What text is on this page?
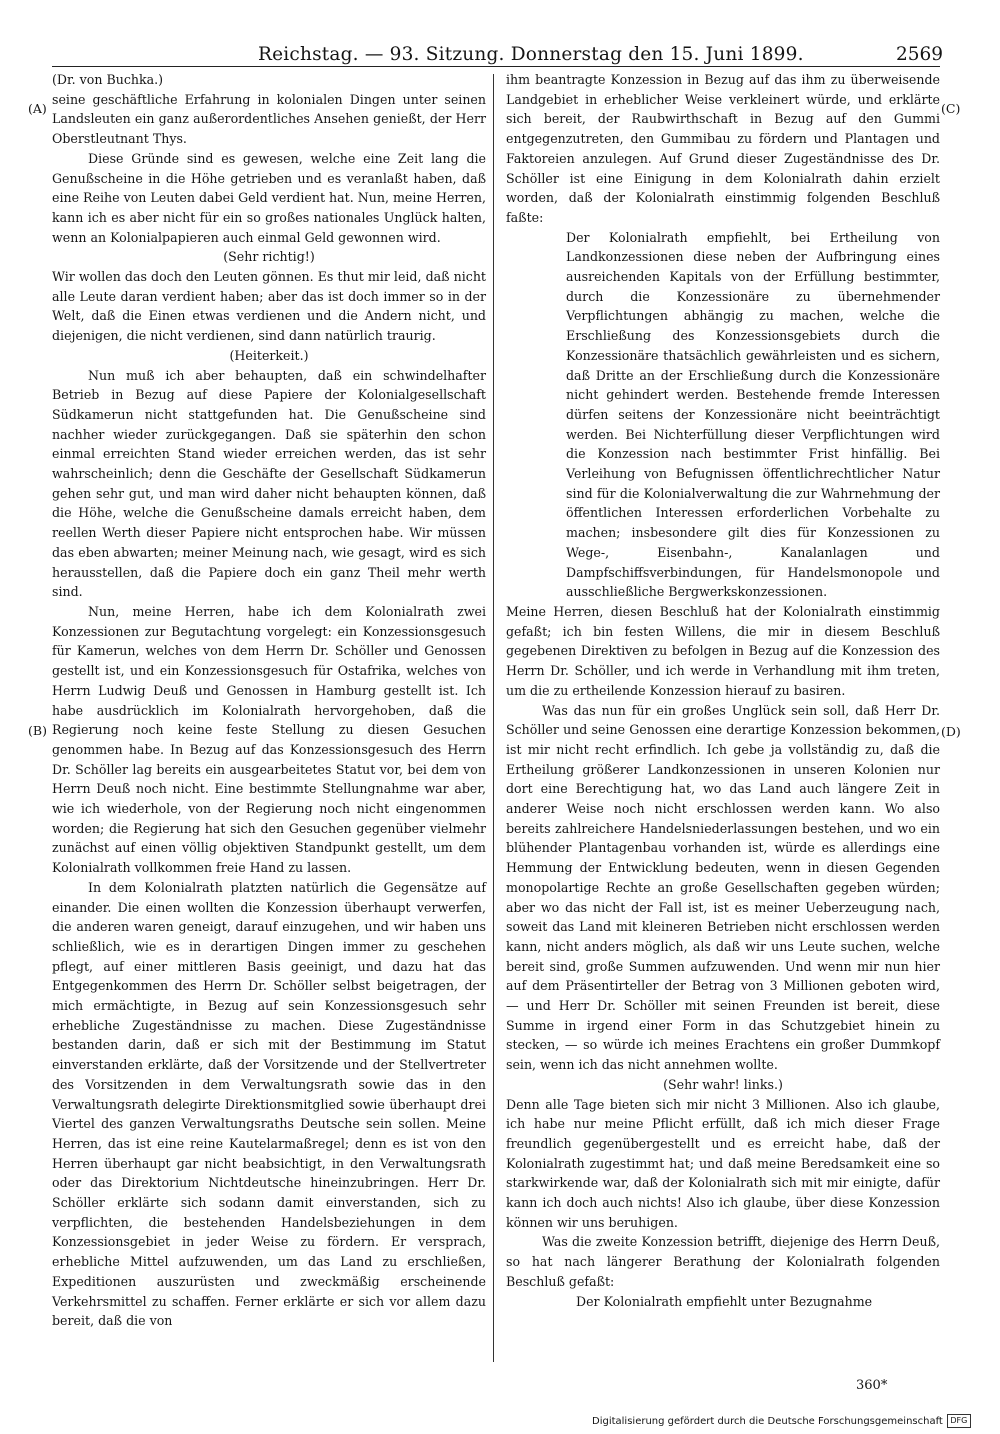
Reichstag. — 93. Sitzung. Donnerstag den 15. Juni 1899.	2569

(Dr. von Buchka.)

seine geschäftliche Erfahrung in kolonialen Dingen unter seinen Landsleuten ein ganz außerordentliches Ansehen genießt, der Herr Oberstleutnant Thys.

Diese Gründe sind es gewesen, welche eine Zeit lang die Genußscheine in die Höhe getrieben und es veranlaßt haben, daß eine Reihe von Leuten dabei Geld verdient hat. Nun, meine Herren, kann ich es aber nicht für ein so großes nationales Unglück halten, wenn an Kolonialpapieren auch einmal Geld gewonnen wird.

(Sehr richtig!)

Wir wollen das doch den Leuten gönnen. Es thut mir leid, daß nicht alle Leute daran verdient haben; aber das ist doch immer so in der Welt, daß die Einen etwas verdienen und die Andern nicht, und diejenigen, die nicht verdienen, sind dann natürlich traurig.

(Heiterkeit.)

Nun muß ich aber behaupten, daß ein schwindelhafter Betrieb in Bezug auf diese Papiere der Kolonialgesellschaft Südkamerun nicht stattgefunden hat. Die Genußscheine sind nachher wieder zurückgegangen. Daß sie späterhin den schon einmal erreichten Stand wieder erreichen werden, das ist sehr wahrscheinlich; denn die Geschäfte der Gesellschaft Südkamerun gehen sehr gut, und man wird daher nicht behaupten können, daß die Höhe, welche die Genußscheine damals erreicht haben, dem reellen Werth dieser Papiere nicht entsprochen habe. Wir müssen das eben abwarten; meiner Meinung nach, wie gesagt, wird es sich herausstellen, daß die Papiere doch ein ganz Theil mehr werth sind.

Nun, meine Herren, habe ich dem Kolonialrath zwei Konzessionen zur Begutachtung vorgelegt: ein Konzessionsgesuch für Kamerun, welches von dem Herrn Dr. Schöller und Genossen gestellt ist, und ein Konzessionsgesuch für Ostafrika, welches von Herrn Ludwig Deuß und Genossen in Hamburg gestellt ist. Ich habe ausdrücklich im Kolonialrath hervorgehoben, daß die Regierung noch keine feste Stellung zu diesen Gesuchen genommen habe. In Bezug auf das Konzessionsgesuch des Herrn Dr. Schöller lag bereits ein ausgearbeitetes Statut vor, bei dem von Herrn Deuß noch nicht. Eine bestimmte Stellungnahme war aber, wie ich wiederhole, von der Regierung noch nicht eingenommen worden; die Regierung hat sich den Gesuchen gegenüber vielmehr zunächst auf einen völlig objektiven Standpunkt gestellt, um dem Kolonialrath vollkommen freie Hand zu lassen.

In dem Kolonialrath platzten natürlich die Gegensätze auf einander. Die einen wollten die Konzession überhaupt verwerfen, die anderen waren geneigt, darauf einzugehen, und wir haben uns schließlich, wie es in derartigen Dingen immer zu geschehen pflegt, auf einer mittleren Basis geeinigt, und dazu hat das Entgegenkommen des Herrn Dr. Schöller selbst beigetragen, der mich ermächtigte, in Bezug auf sein Konzessionsgesuch sehr erhebliche Zugeständnisse zu machen. Diese Zugeständnisse bestanden darin, daß er sich mit der Bestimmung im Statut einverstanden erklärte, daß der Vorsitzende und der Stellvertreter des Vorsitzenden in dem Verwaltungsrath sowie das in den Verwaltungsrath delegirte Direktionsmitglied sowie überhaupt drei Viertel des ganzen Verwaltungsraths Deutsche sein sollen. Meine Herren, das ist eine reine Kautelarmaßregel; denn es ist von den Herren überhaupt gar nicht beabsichtigt, in den Verwaltungsrath oder das Direktorium Nichtdeutsche hineinzubringen. Herr Dr. Schöller erklärte sich sodann damit einverstanden, sich zu verpflichten, die bestehenden Handelsbeziehungen in dem Konzessionsgebiet in jeder Weise zu fördern. Er versprach, erhebliche Mittel aufzuwenden, um das Land zu erschließen, Expeditionen auszurüsten und zweckmäßig erscheinende Verkehrsmittel zu schaffen. Ferner erklärte er sich vor allem dazu bereit, daß die von

ihm beantragte Konzession in Bezug auf das ihm zu überweisende Landgebiet in erheblicher Weise verkleinert würde, und erklärte sich bereit, der Raubwirthschaft in Bezug auf den Gummi entgegenzutreten, den Gummibau zu fördern und Plantagen und Faktoreien anzulegen. Auf Grund dieser Zugeständnisse des Dr. Schöller ist eine Einigung in dem Kolonialrath dahin erzielt worden, daß der Kolonialrath einstimmig folgenden Beschluß faßte:

Der Kolonialrath empfiehlt, bei Ertheilung von Landkonzessionen diese neben der Aufbringung eines ausreichenden Kapitals von der Erfüllung bestimmter, durch die Konzessionäre zu übernehmender Verpflichtungen abhängig zu machen, welche die Erschließung des Konzessionsgebiets durch die Konzessionäre thatsächlich gewährleisten und es sichern, daß Dritte an der Erschließung durch die Konzessionäre nicht gehindert werden. Bestehende fremde Interessen dürfen seitens der Konzessionäre nicht beeinträchtigt werden. Bei Nichterfüllung dieser Verpflichtungen wird die Konzession nach bestimmter Frist hinfällig. Bei Verleihung von Befugnissen öffentlichrechtlicher Natur sind für die Kolonialverwaltung die zur Wahrnehmung der öffentlichen Interessen erforderlichen Vorbehalte zu machen; insbesondere gilt dies für Konzessionen zu Wege-, Eisenbahn-, Kanalanlagen und Dampfschiffsverbindungen, für Handelsmonopole und ausschließliche Bergwerkskonzessionen.

Meine Herren, diesen Beschluß hat der Kolonialrath einstimmig gefaßt; ich bin festen Willens, die mir in diesem Beschluß gegebenen Direktiven zu befolgen in Bezug auf die Konzession des Herrn Dr. Schöller, und ich werde in Verhandlung mit ihm treten, um die zu ertheilende Konzession hierauf zu basiren.

Was das nun für ein großes Unglück sein soll, daß Herr Dr. Schöller und seine Genossen eine derartige Konzession bekommen, ist mir nicht recht erfindlich. Ich gebe ja vollständig zu, daß die Ertheilung größerer Landkonzessionen in unseren Kolonien nur dort eine Berechtigung hat, wo das Land auch längere Zeit in anderer Weise noch nicht erschlossen werden kann. Wo also bereits zahlreichere Handelsniederlassungen bestehen, und wo ein blühender Plantagenbau vorhanden ist, würde es allerdings eine Hemmung der Entwicklung bedeuten, wenn in diesen Gegenden monopolartige Rechte an große Gesellschaften gegeben würden; aber wo das nicht der Fall ist, ist es meiner Ueberzeugung nach, soweit das Land mit kleineren Betrieben nicht erschlossen werden kann, nicht anders möglich, als daß wir uns Leute suchen, welche bereit sind, große Summen aufzuwenden. Und wenn mir nun hier auf dem Präsentirteller der Betrag von 3 Millionen geboten wird, — und Herr Dr. Schöller mit seinen Freunden ist bereit, diese Summe in irgend einer Form in das Schutzgebiet hinein zu stecken, — so würde ich meines Erachtens ein großer Dummkopf sein, wenn ich das nicht annehmen wollte.

(Sehr wahr! links.)

Denn alle Tage bieten sich mir nicht 3 Millionen. Also ich glaube, ich habe nur meine Pflicht erfüllt, daß ich mich dieser Frage freundlich gegenübergestellt und es erreicht habe, daß der Kolonialrath zugestimmt hat; und daß meine Beredsamkeit eine so starkwirkende war, daß der Kolonialrath sich mit mir einigte, dafür kann ich doch auch nichts! Also ich glaube, über diese Konzession können wir uns beruhigen.

Was die zweite Konzession betrifft, diejenige des Herrn Deuß, so hat nach längerer Berathung der Kolonialrath folgenden Beschluß gefaßt:

Der Kolonialrath empfiehlt unter Bezugnahme

(A)
(B)
(C)
(D)
360*
Digitalisierung gefördert durch die Deutsche Forschungsgemeinschaft DFG
